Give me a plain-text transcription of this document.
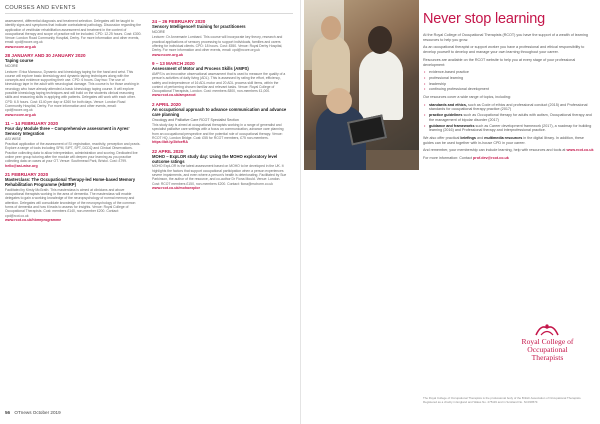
COURSES AND EVENTS
assessment, differential diagnosis and treatment selection. Delegates will be taught to identify signs and symptoms that indicate contralateral pathology. Discussion regarding the application of vestibular rehabilitation assessment and treatment in the context of occupational therapy and scope of practice will be included. CPD: 12.25 hours. Cost: £300. Venue: London Road Community Hospital, Derby. For more information and other events, email: cpd@ncore.org.uk
www.ncore.org.uk
28 JANUARY AND 30 JANUARY 2020
Taping course
NCORE
Lecturer: Erica Mancuso, Dynamic and kinesiology taping for the hand and wrist. This course will explore basic kinesiology and dynamic taping techniques along with the concepts and evidence supporting their use. CPD: 6 hours. Day two: The use of kinesiology tape in the adult with neurological damage. This course is for those working in neurology who have already attended a basic kinesiology taping course. It will explore possible kinesiology taping techniques and will build on the students clinical reasoning skills and reasoning skills in applying with patients. Delegates will work with each other. CPD: 6.5 hours. Cost: £140 per day or £260 for both days. Venue: London Road Community Hospital, Derby. For more information and other events, email: cpd@ncore.org.uk
www.ncore.org.uk
11 – 14 FEBRUARY 2020
Four day Module three – Comprehensive assessment in Ayres' Sensory Integration
ASI WISE
Practical application of the assessment of SI: registration, reactivity, perception and praxis. Explore a range of tools including SPM, SIPT, SPT, DCDQ and Clinical Observations. Practice collecting data to allow interpretation, administration and scoring. Dedicated live online peer group tutoring after the module will deepen your learning as you practice collecting data on cases at your OT. Venue: Southmead Park, Bristol. Cost: £799.
hello@asi-wise.org
21 FEBRUARY 2020
Masterclass: The Occupational Therapy-led Home-based Memory Rehabilitation Programme (HbMRP)
Facilitated by Kirsty McGrath. This masterclass is aimed at clinicians and above occupational therapists working in the area of dementia. The masterclass will enable delegates to gain a working knowledge of the neuropsychology of normal memory and attention. Delegates will consolidate knowledge of the neuropsychology of the common forms of dementia and how it leads to assess for insights. Venue: Royal College of Occupational Therapists. Cost: members £140, non-member £200. Contact: cpd@rcot.co.uk
www.rcot.co.uk/hbmrprogramme
24 – 26 FEBRUARY 2020
Sensory Intelligence® training for practitioners
NCORE
Lecturer: Dr Annemarie Lombard. This course will incorporate key theory, research and practical applications of sensory processing to support individuals, families and carers offering for individual clients. CPD: 18 hours. Cost: £550. Venue: Royal Derby Hospital, Derby. For more information and other events, email: cpd@ncore.org.uk
www.ncore.org.uk
9 – 13 MARCH 2020
Assessment of Motor and Process Skills (AMPS)
AMPS is an innovative observational assessment that is used to measure the quality of a person's activities of daily living (ADL). This is assessed by rating the effort, efficiency, safety and independence of 16 ADL motor and 20 ADL process skill items, within the context of performing chosen familiar and relevant tasks. Venue: Royal College of Occupational Therapists, London. Cost: members £800, non-members £1,000.
www.rcot.co.uk/ampsrcot
2 APRIL 2020
An occupational approach to advance communication and advance care planning
Oncology and Palliative Care RCOT Specialist Section
This study day is aimed at occupational therapists working in a range of generalist and specialist palliative care settings with a focus on communication, advance care planning from an occupational perspective and the potential role of occupational therapy. Venue: RCOT HQ, London Bridge. Cost: £55 for RCOT members, £75 non-members.
https://bit.ly/2kfoeRA
22 APRIL 2020
MOHO – ExpLOR study day: Using the MOHO exploratory level outcome ratings
MOHO ExpLOR is the latest assessment based on MOHO to be developed in the UK. It highlights the factors that support occupational participation when a person experiences severe impairments, and even where a person's health is deteriorating. Facilitated by Sue Parkinson, the author of the resource, and co-author Dr Fiona Mould. Venue: London. Cost: RCOT members £150, non-members £200. Contact: fiona@mohorm.co.uk
www.rcot.co.uk/mohoexplor
56 OTnews October 2019
Never stop learning

At the Royal College of Occupational Therapists (RCOT) you have the support of a wealth of learning resources to help you grow.

As an occupational therapist or support worker you have a professional and ethical responsibility to develop yourself to develop and manage your own learning throughout your career.

Resources are available on the RCOT website to help you at every stage of your professional development:

• evidence-based practice
• professional learning
• leadership
• continuing professional development

Our resources cover a wide range of topics, including:

• standards and ethics, such as Code of ethics and professional conduct (2015) and Professional standards for occupational therapy practice (2017)
• practice guidelines such as Occupational therapy for adults with autism, Occupational therapy and the management of bipolar disorder (2017)
• guidance and frameworks such as Career development framework (2017), a roadmap for building learning (2016) and Professional therapy and interprofessional practice.

We also offer practical briefings and multimedia resources in the digital library. In addition, these guides can be used together with in-house CPD in your career.

And remember, your membership can include learning, help with resources and tools at www.rcot.co.uk

For more information: Contact prof.dev@rcot.co.uk

Royal College of
Occupational
Therapists
The Royal College of Occupational Therapists is the professional body of the British Association of Occupational Therapists. Registered as a charity in England and Wales No. 275119 and in Scotland No. SC039573.
